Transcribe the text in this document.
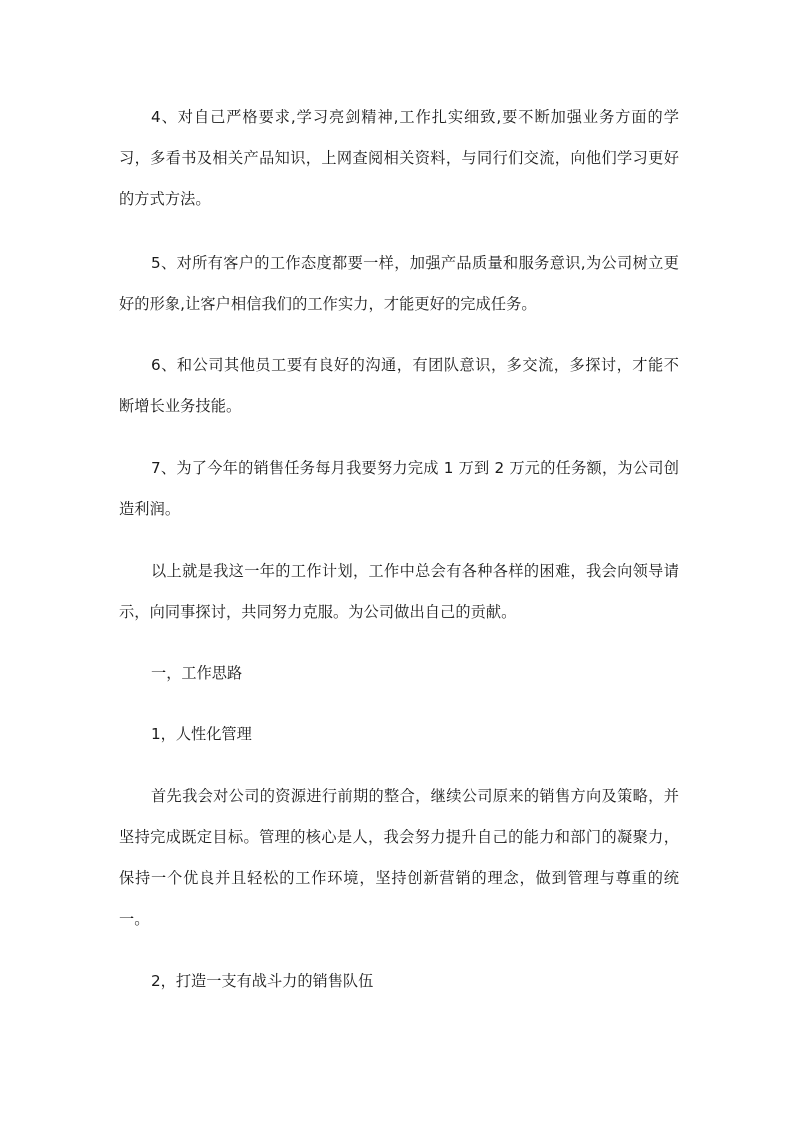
4、对自己严格要求,学习亮剑精神,工作扎实细致,要不断加强业务方面的学习，多看书及相关产品知识，上网查阅相关资料，与同行们交流，向他们学习更好的方式方法。

5、对所有客户的工作态度都要一样，加强产品质量和服务意识,为公司树立更好的形象,让客户相信我们的工作实力，才能更好的完成任务。

6、和公司其他员工要有良好的沟通，有团队意识，多交流，多探讨，才能不断增长业务技能。

7、为了今年的销售任务每月我要努力完成 1 万到 2 万元的任务额，为公司创造利润。

以上就是我这一年的工作计划，工作中总会有各种各样的困难，我会向领导请示，向同事探讨，共同努力克服。为公司做出自己的贡献。

一，工作思路

1，人性化管理

首先我会对公司的资源进行前期的整合，继续公司原来的销售方向及策略，并坚持完成既定目标。管理的核心是人，我会努力提升自己的能力和部门的凝聚力，保持一个优良并且轻松的工作环境，坚持创新营销的理念，做到管理与尊重的统一。

2，打造一支有战斗力的销售队伍
